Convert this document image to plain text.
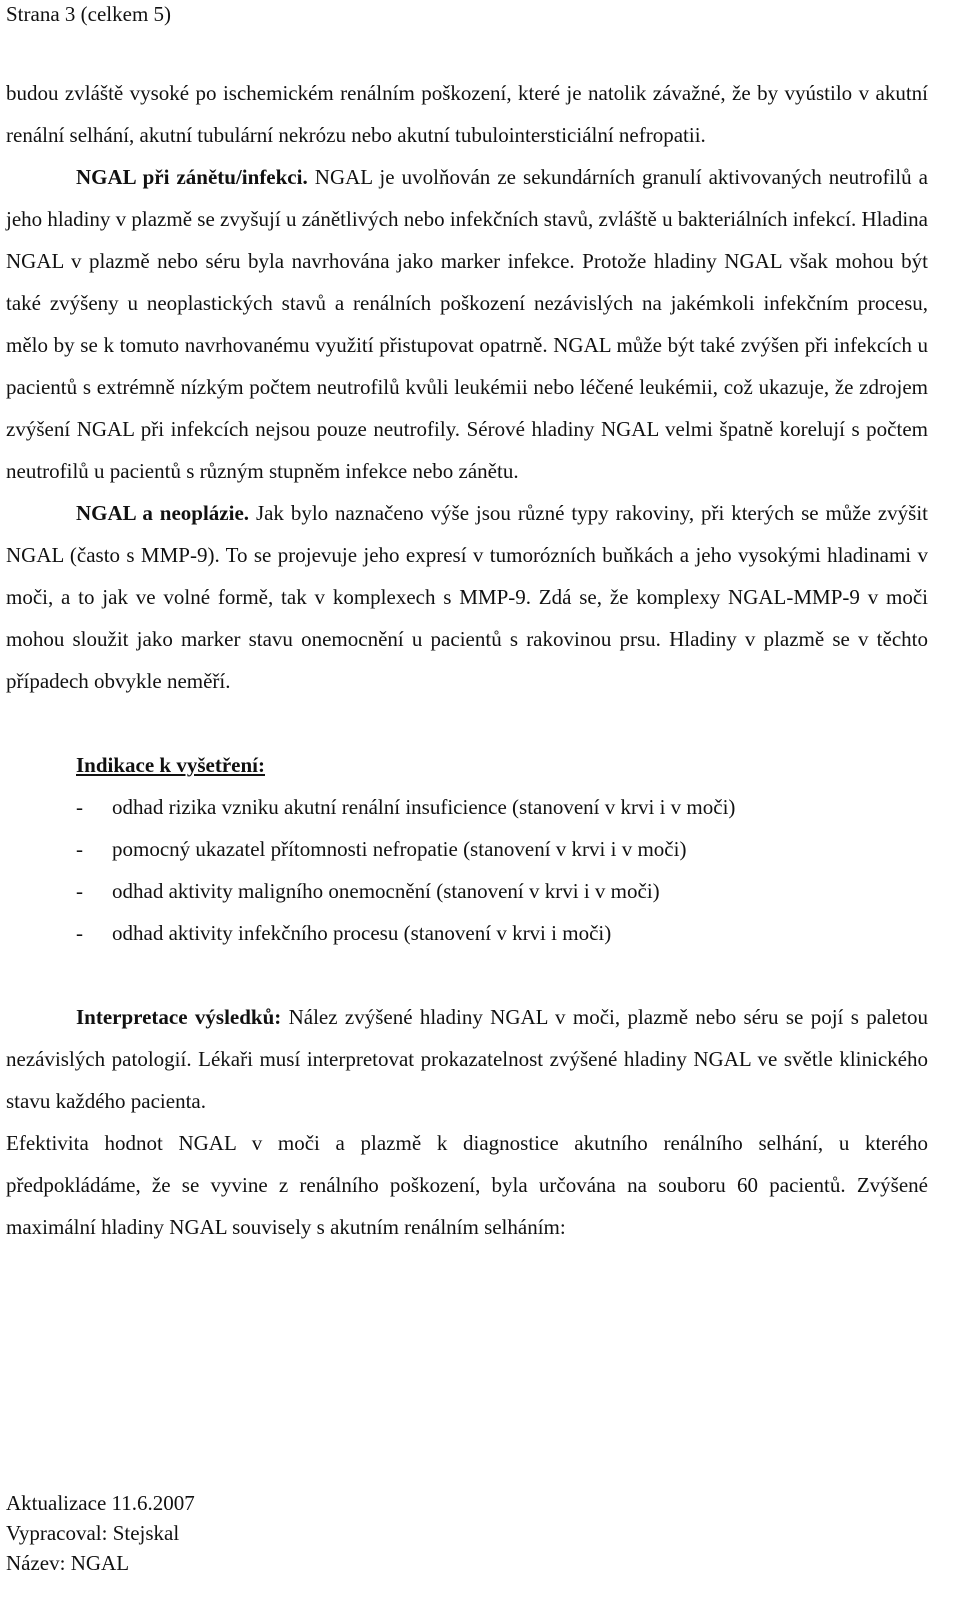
Strana 3 (celkem 5)

budou zvláště vysoké po ischemickém renálním poškození, které je natolik závažné, že by vyústilo v akutní renální selhání, akutní tubulární nekrózu nebo akutní tubulointersticiální nefropatii.

NGAL při zánětu/infekci. NGAL je uvolňován ze sekundárních granulí aktivovaných neutrofilů a jeho hladiny v plazmě se zvyšují u zánětlivých nebo infekčních stavů, zvláště u bakteriálních infekcí. Hladina NGAL v plazmě nebo séru byla navrhována jako marker infekce. Protože hladiny NGAL však mohou být také zvýšeny u neoplastických stavů a renálních poškození nezávislých na jakémkoli infekčním procesu, mělo by se k tomuto navrhovanému využití přistupovat opatrně. NGAL může být také zvýšen při infekcích u pacientů s extrémně nízkým počtem neutrofilů kvůli leukémii nebo léčené leukémii, což ukazuje, že zdrojem zvýšení NGAL při infekcích nejsou pouze neutrofily. Sérové hladiny NGAL velmi špatně korelují s počtem neutrofilů u pacientů s různým stupněm infekce nebo zánětu.

NGAL a neoplázie. Jak bylo naznačeno výše jsou různé typy rakoviny, při kterých se může zvýšit NGAL (často s MMP-9). To se projevuje jeho expresí v tumorózních buňkách a jeho vysokými hladinami v moči, a to jak ve volné formě, tak v komplexech s MMP-9. Zdá se, že komplexy NGAL-MMP-9 v moči mohou sloužit jako marker stavu onemocnění u pacientů s rakovinou prsu. Hladiny v plazmě se v těchto případech obvykle neměří.

Indikace k vyšetření:

- odhad rizika vzniku akutní renální insuficience (stanovení v krvi i v moči)
- pomocný ukazatel přítomnosti nefropatie (stanovení v krvi i v moči)
- odhad aktivity maligního onemocnění (stanovení v krvi i v moči)
- odhad aktivity infekčního procesu (stanovení v krvi i moči)

Interpretace výsledků: Nález zvýšené hladiny NGAL v moči, plazmě nebo séru se pojí s paletou nezávislých patologií. Lékaři musí interpretovat prokazatelnost zvýšené hladiny NGAL ve světle klinického stavu každého pacienta.

Efektivita hodnot NGAL v moči a plazmě k diagnostice akutního renálního selhání, u kterého předpokládáme, že se vyvine z renálního poškození, byla určována na souboru 60 pacientů. Zvýšené maximální hladiny NGAL souvisely s akutním renálním selháním:

Aktualizace 11.6.2007
Vypracoval: Stejskal
Název: NGAL
